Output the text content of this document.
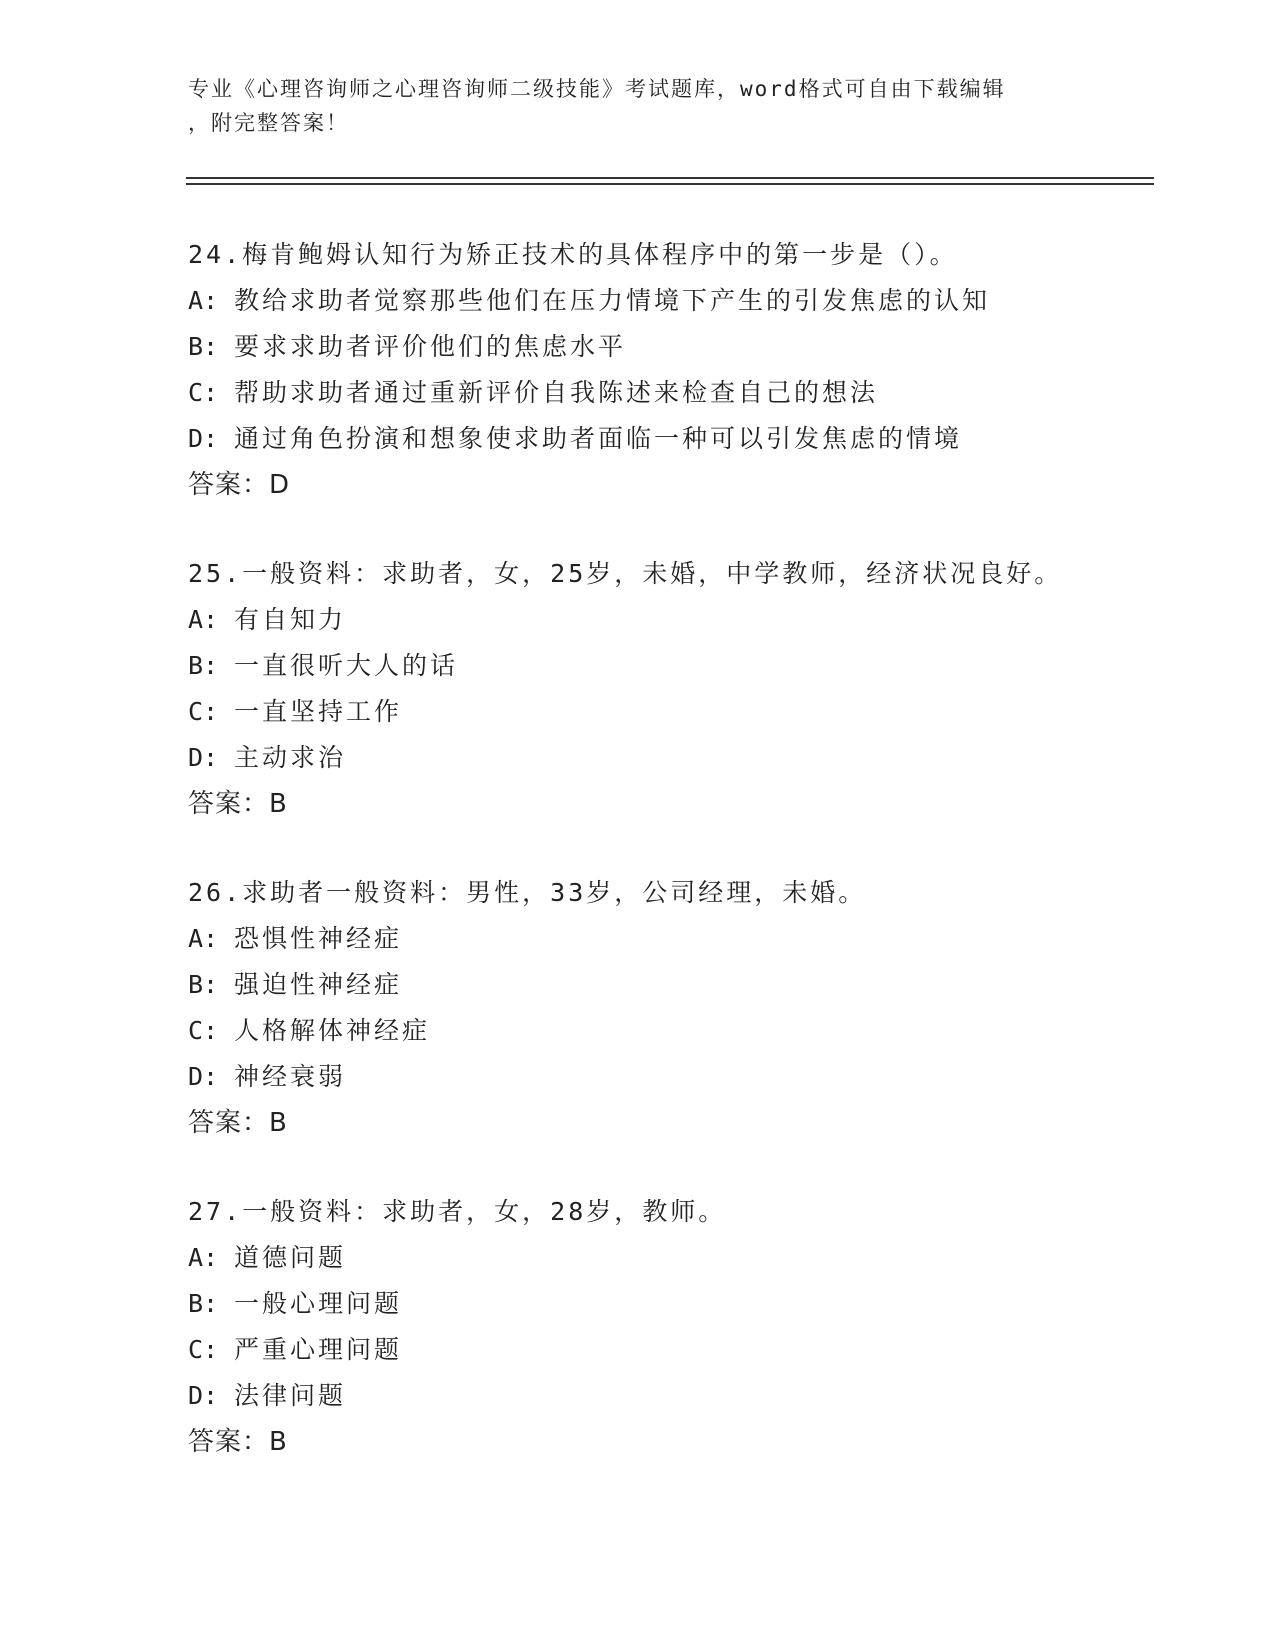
专业《心理咨询师之心理咨询师二级技能》考试题库，word格式可自由下载编辑
，附完整答案！
24.梅肯鲍姆认知行为矫正技术的具体程序中的第一步是（）。
A: 教给求助者觉察那些他们在压力情境下产生的引发焦虑的认知
B: 要求求助者评价他们的焦虑水平
C: 帮助求助者通过重新评价自我陈述来检查自己的想法
D: 通过角色扮演和想象使求助者面临一种可以引发焦虑的情境
答案：D
25.一般资料：求助者，女，25岁，未婚，中学教师，经济状况良好。
A: 有自知力
B: 一直很听大人的话
C: 一直坚持工作
D: 主动求治
答案：B
26.求助者一般资料：男性，33岁，公司经理，未婚。
A: 恐惧性神经症
B: 强迫性神经症
C: 人格解体神经症
D: 神经衰弱
答案：B
27.一般资料：求助者，女，28岁，教师。
A: 道德问题
B: 一般心理问题
C: 严重心理问题
D: 法律问题
答案：B
